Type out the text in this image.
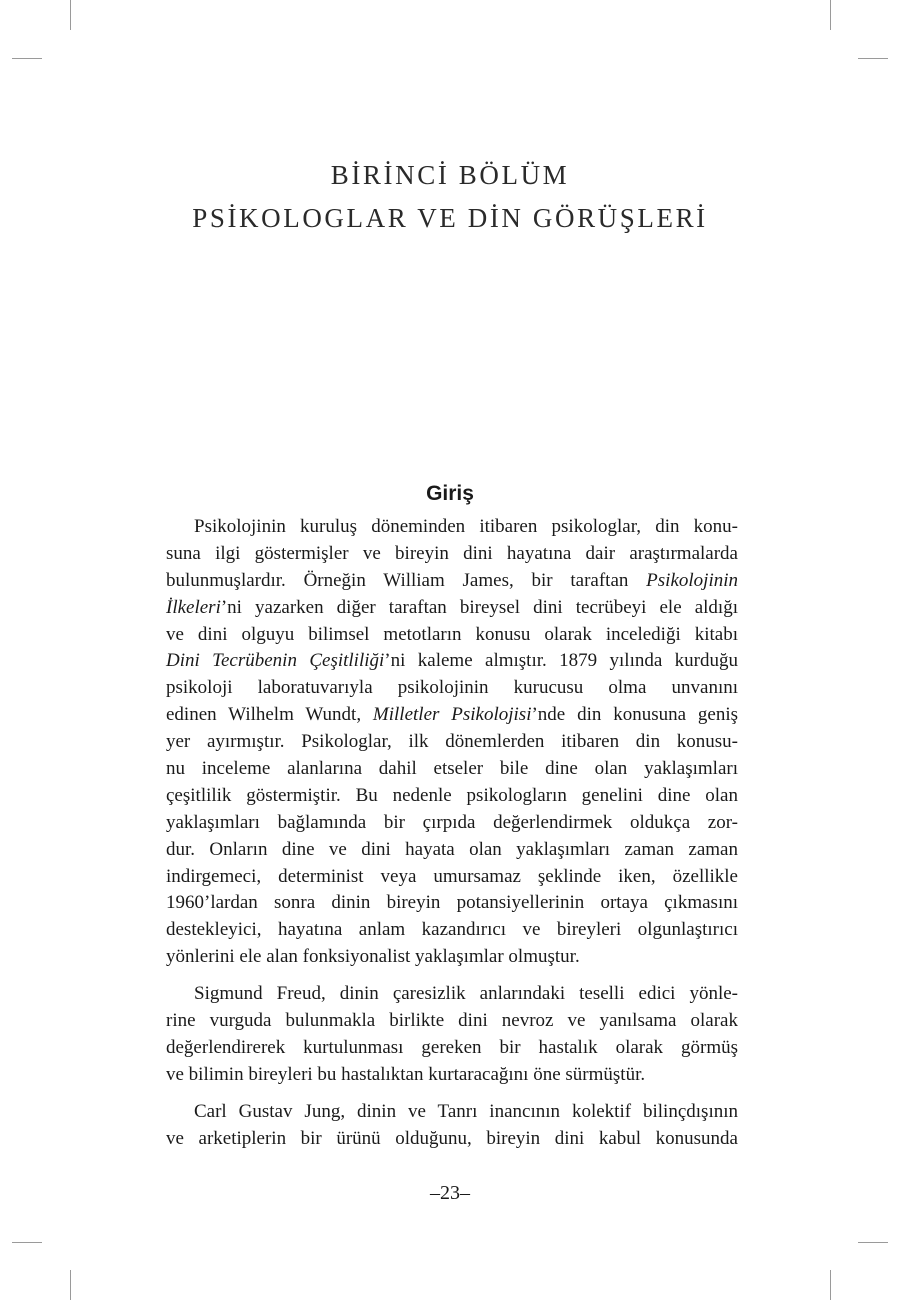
BİRİNCİ BÖLÜM
PSİKOLOGLAR VE DİN GÖRÜŞLERİ
Giriş
Psikolojinin kuruluş döneminden itibaren psikologlar, din konu-
suna ilgi göstermişler ve bireyin dini hayatına dair araştırmalarda
bulunmuşlardır. Örneğin William James, bir taraftan Psikolojinin
İlkeleri’ni yazarken diğer taraftan bireysel dini tecrübeyi ele aldığı
ve dini olguyu bilimsel metotların konusu olarak incelediği kitabı
Dini Tecrübenin Çeşitliliği’ni kaleme almıştır. 1879 yılında kurduğu
psikoloji laboratuvarıyla psikolojinin kurucusu olma unvanını
edinen Wilhelm Wundt, Milletler Psikolojisi’nde din konusuna geniş
yer ayırmıştır. Psikologlar, ilk dönemlerden itibaren din konusu-
nu inceleme alanlarına dahil etseler bile dine olan yaklaşımları
çeşitlilik göstermiştir. Bu nedenle psikologların genelini dine olan
yaklaşımları bağlamında bir çırpıda değerlendirmek oldukça zor-
dur. Onların dine ve dini hayata olan yaklaşımları zaman zaman
indirgemeci, determinist veya umursamaz şeklinde iken, özellikle
1960’lardan sonra dinin bireyin potansiyellerinin ortaya çıkmasını
destekleyici, hayatına anlam kazandırıcı ve bireyleri olgunlaştırıcı
yönlerini ele alan fonksiyonalist yaklaşımlar olmuştur.
Sigmund Freud, dinin çaresizlik anlarındaki teselli edici yönle-
rine vurguda bulunmakla birlikte dini nevroz ve yanılsama olarak
değerlendirerek kurtulunması gereken bir hastalık olarak görmüş
ve bilimin bireyleri bu hastalıktan kurtaracağını öne sürmüştür.
Carl Gustav Jung, dinin ve Tanrı inancının kolektif bilinçdışının
ve arketiplerin bir ürünü olduğunu, bireyin dini kabul konusunda
–23–
